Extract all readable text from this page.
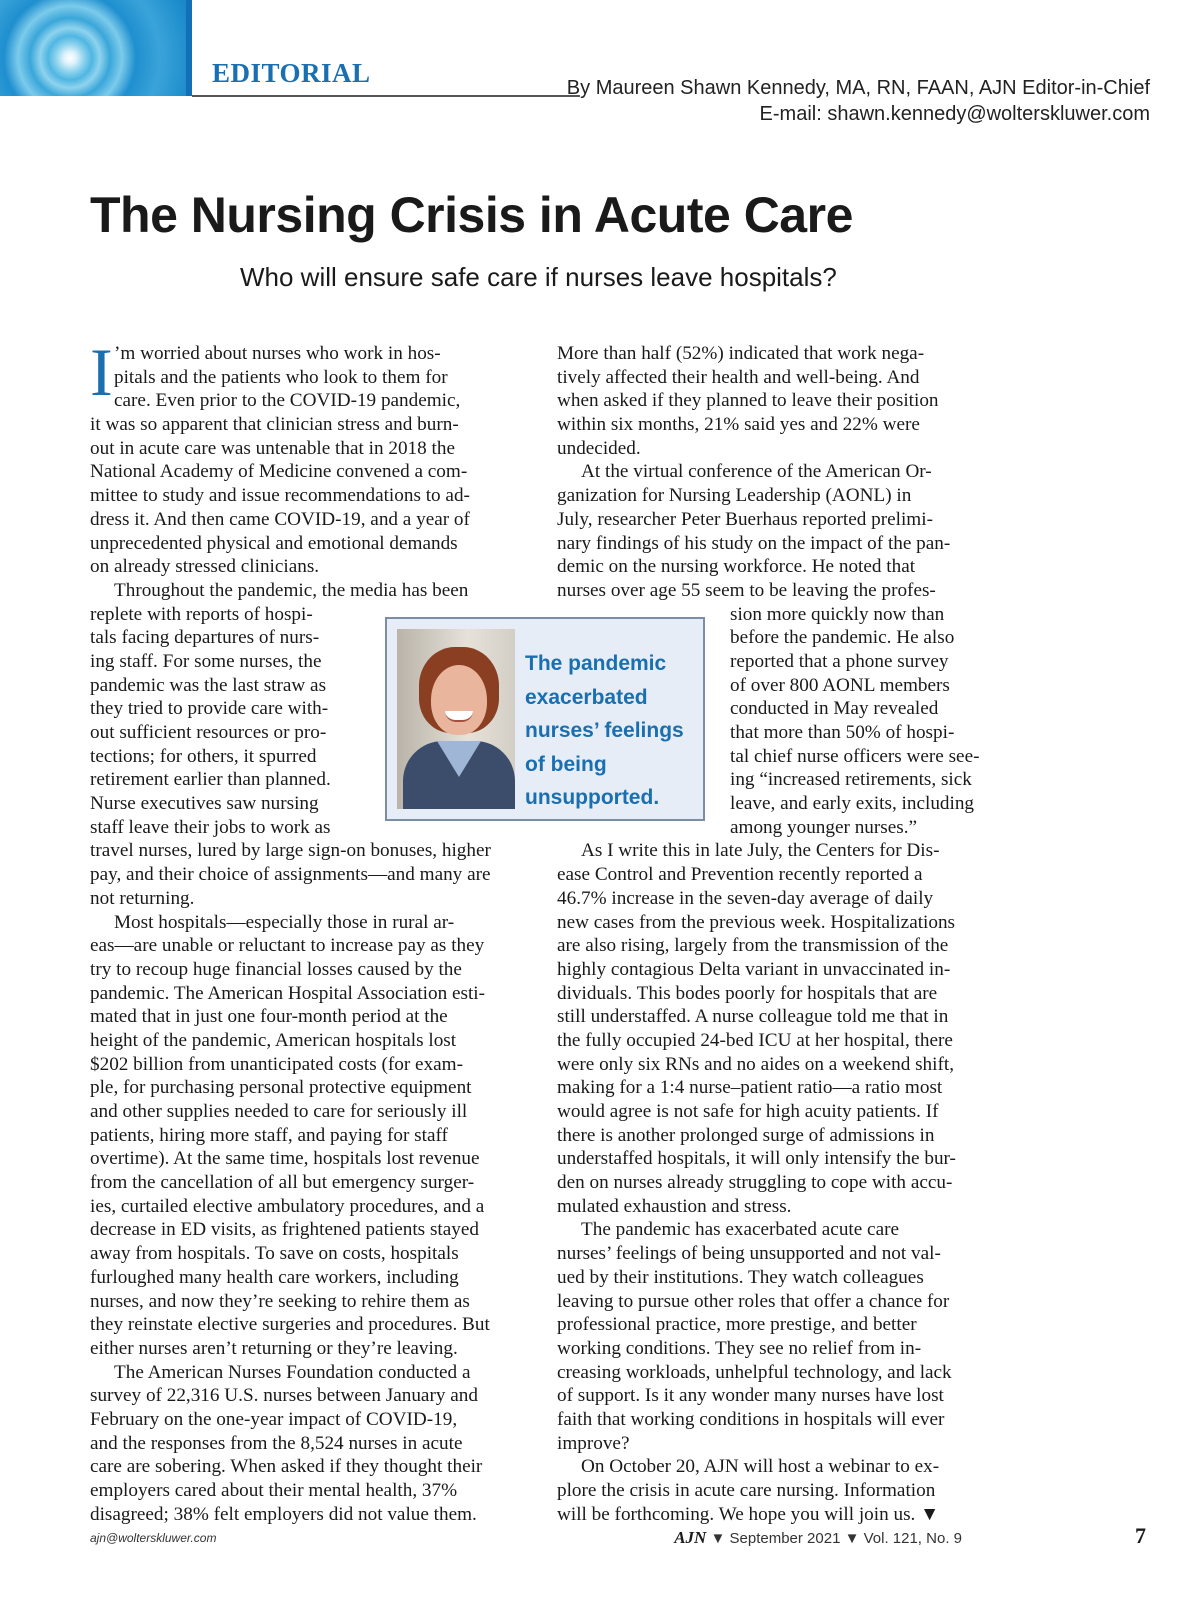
EDITORIAL	By Maureen Shawn Kennedy, MA, RN, FAAN, AJN Editor-in-Chief
E-mail: shawn.kennedy@wolterskluwer.com
The Nursing Crisis in Acute Care
Who will ensure safe care if nurses leave hospitals?
I ’m worried about nurses who work in hos-
pitals and the patients who look to them for
care. Even prior to the COVID-19 pandemic,
it was so apparent that clinician stress and burn-
out in acute care was untenable that in 2018 the
National Academy of Medicine convened a com-
mittee to study and issue recommendations to ad-
dress it. And then came COVID-19, and a year of
unprecedented physical and emotional demands
on already stressed clinicians.
Throughout the pandemic, the media has been
replete with reports of hospi-
tals facing departures of nurs-
ing staff. For some nurses, the
pandemic was the last straw as
they tried to provide care with-
out sufficient resources or pro-
tections; for others, it spurred
retirement earlier than planned.
Nurse executives saw nursing
staff leave their jobs to work as
travel nurses, lured by large sign-on bonuses, higher
pay, and their choice of assignments—and many are
not returning.
Most hospitals—especially those in rural ar-
eas—are unable or reluctant to increase pay as they
try to recoup huge financial losses caused by the
pandemic. The American Hospital Association esti-
mated that in just one four-month period at the
height of the pandemic, American hospitals lost
$202 billion from unanticipated costs (for exam-
ple, for purchasing personal protective equipment
and other supplies needed to care for seriously ill
patients, hiring more staff, and paying for staff
overtime). At the same time, hospitals lost revenue
from the cancellation of all but emergency surger-
ies, curtailed elective ambulatory procedures, and a
decrease in ED visits, as frightened patients stayed
away from hospitals. To save on costs, hospitals
furloughed many health care workers, including
nurses, and now they’re seeking to rehire them as
they reinstate elective surgeries and procedures. But
either nurses aren’t returning or they’re leaving.
The American Nurses Foundation conducted a
survey of 22,316 U.S. nurses between January and
February on the one-year impact of COVID-19,
and the responses from the 8,524 nurses in acute
care are sobering. When asked if they thought their
employers cared about their mental health, 37%
disagreed; 38% felt employers did not value them.
More than half (52%) indicated that work nega-
tively affected their health and well-being. And
when asked if they planned to leave their position
within six months, 21% said yes and 22% were
undecided.
At the virtual conference of the American Or-
ganization for Nursing Leadership (AONL) in
July, researcher Peter Buerhaus reported prelimi-
nary findings of his study on the impact of the pan-
demic on the nursing workforce. He noted that
nurses over age 55 seem to be leaving the profes-
sion more quickly now than
before the pandemic. He also
reported that a phone survey
of over 800 AONL members
conducted in May revealed
that more than 50% of hospi-
tal chief nurse officers were see-
ing “increased retirements, sick
leave, and early exits, including
among younger nurses.”
As I write this in late July, the Centers for Dis-
ease Control and Prevention recently reported a
46.7% increase in the seven-day average of daily
new cases from the previous week. Hospitalizations
are also rising, largely from the transmission of the
highly contagious Delta variant in unvaccinated in-
dividuals. This bodes poorly for hospitals that are
still understaffed. A nurse colleague told me that in
the fully occupied 24-bed ICU at her hospital, there
were only six RNs and no aides on a weekend shift,
making for a 1:4 nurse–patient ratio—a ratio most
would agree is not safe for high acuity patients. If
there is another prolonged surge of admissions in
understaffed hospitals, it will only intensify the bur-
den on nurses already struggling to cope with accu-
mulated exhaustion and stress.
The pandemic has exacerbated acute care
nurses’ feelings of being unsupported and not val-
ued by their institutions. They watch colleagues
leaving to pursue other roles that offer a chance for
professional practice, more prestige, and better
working conditions. They see no relief from in-
creasing workloads, unhelpful technology, and lack
of support. Is it any wonder many nurses have lost
faith that working conditions in hospitals will ever
improve?
On October 20, AJN will host a webinar to ex-
plore the crisis in acute care nursing. Information
will be forthcoming. We hope you will join us. ▼
The pandemic
exacerbated
nurses’ feelings
of being
unsupported.
ajn@wolterskluwer.com	AJN ▼ September 2021 ▼ Vol. 121, No. 9	7
